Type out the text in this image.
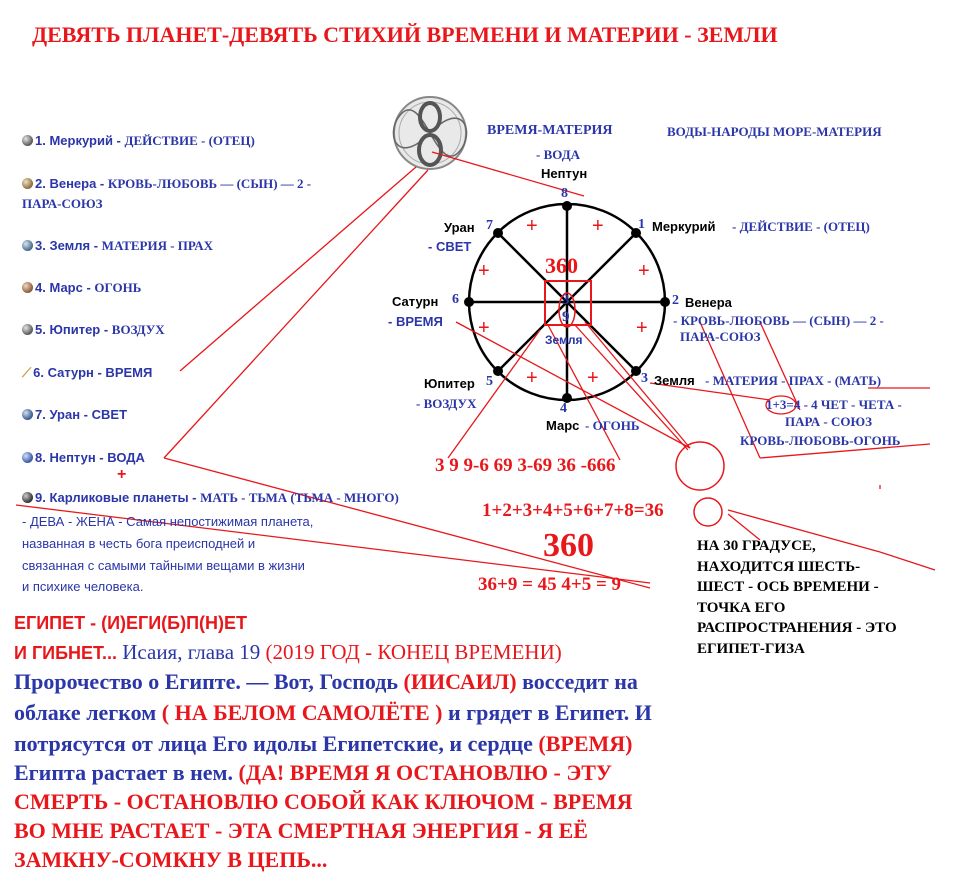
ДЕВЯТЬ ПЛАНЕТ-ДЕВЯТЬ СТИХИЙ ВРЕМЕНИ И МАТЕРИИ - ЗЕМЛИ
ВРЕМЯ-МАТЕРИЯ	ВОДЫ-НАРОДЫ МОРЕ-МАТЕРИЯ
- ВОДА
1. Меркурий - ДЕЙСТВИЕ - (ОТЕЦ)
2. Венера - КРОВЬ-ЛЮБОВЬ — (СЫН) — 2 -
ПАРА-СОЮЗ
3. Земля - МАТЕРИЯ - ПРАХ
4. Марс - ОГОНЬ
5. Юпитер - ВОЗДУХ
⟋ 6. Сатурн - ВРЕМЯ
7. Уран - СВЕТ
8. Нептун - ВОДА
+
9. Карликовые планеты - МАТЬ - ТЬМА (ТЬМА - МНОГО)
- ДЕВА - ЖЕНА - Самая непостижимая планета,
названная в честь бога преисподней и
связанная с самыми тайными вещами в жизни
и психике человека.
8
Нептун
1 Меркурий - ДЕЙСТВИЕ - (ОТЕЦ)
2 Венера
- КРОВЬ-ЛЮБОВЬ — (СЫН) — 2 -
ПАРА-СОЮЗ
3 Земля - МАТЕРИЯ - ПРАХ - (МАТЬ)
4
Марс - ОГОНЬ
5
Юпитер
- ВОЗДУХ
6
Сатурн
- ВРЕМЯ
7
Уран
- СВЕТ
360
3
9
Земля
+
+
+
+ +
+
+
+
1+3=4 - 4 ЧЕТ - ЧЕТА -
ПАРА - СОЮЗ
КРОВЬ-ЛЮБОВЬ-ОГОНЬ
3 9 9-6 69 3-69 36 -666
1+2+3+4+5+6+7+8=36
360
36+9 = 45 4+5 = 9
НА 30 ГРАДУСЕ,
НАХОДИТСЯ ШЕСТЬ-
ШЕСТ - ОСЬ ВРЕМЕНИ -
ТОЧКА ЕГО
РАСПРОСТРАНЕНИЯ - ЭТО
ЕГИПЕТ-ГИЗА
ЕГИПЕТ - (И)ЕГИ(Б)П(Н)ЕТ
И ГИБНЕТ... Исаия, глава 19 (2019 ГОД - КОНЕЦ ВРЕМЕНИ)
Пророчество о Египте. — Вот, Господь (ИИСАИЛ) восседит на
облаке легком ( НА БЕЛОМ САМОЛЁТЕ ) и грядет в Египет. И
потрясутся от лица Его идолы Египетские, и сердце (ВРЕМЯ)
Египта растает в нем. (ДА! ВРЕМЯ Я ОСТАНОВЛЮ - ЭТУ
СМЕРТЬ - ОСТАНОВЛЮ СОБОЙ КАК КЛЮЧОМ - ВРЕМЯ
ВО МНЕ РАСТАЕТ - ЭТА СМЕРТНАЯ ЭНЕРГИЯ - Я ЕЁ
ЗАМКНУ-СОМКНУ В ЦЕПЬ...
